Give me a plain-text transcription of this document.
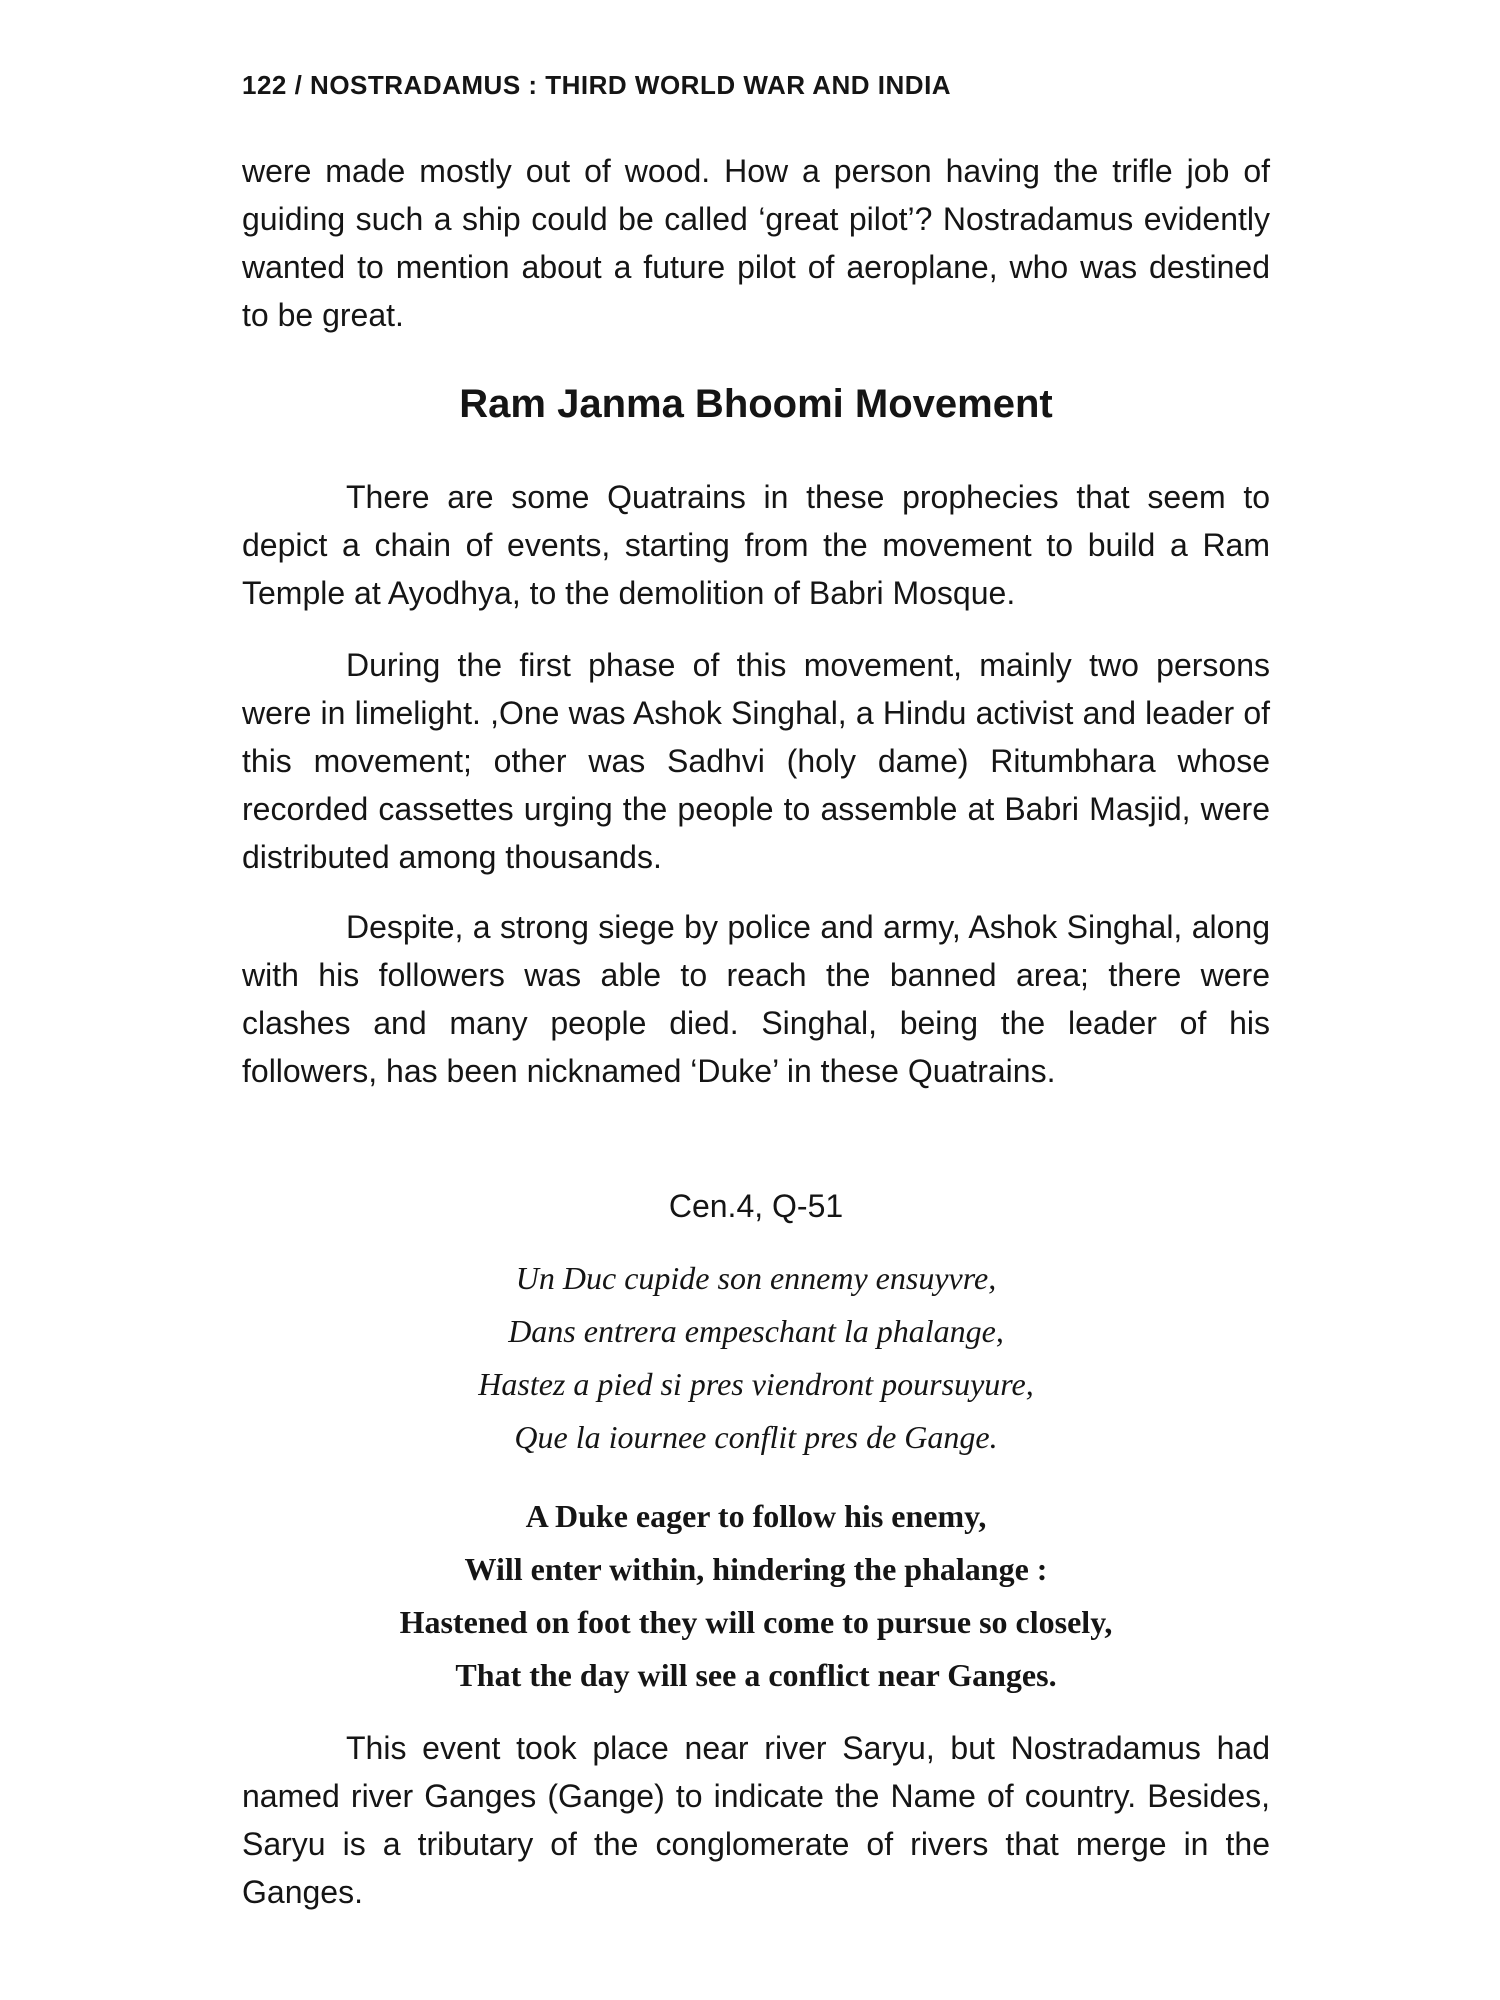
122 / NOSTRADAMUS : THIRD WORLD WAR AND INDIA

were made mostly out of wood. How a person having the trifle job of guiding such a ship could be called ‘great pilot’? Nostradamus evidently wanted to mention about a future pilot of aeroplane, who was destined to be great.

Ram Janma Bhoomi Movement

There are some Quatrains in these prophecies that seem to depict a chain of events, starting from the movement to build a Ram Temple at Ayodhya, to the demolition of Babri Mosque.

During the first phase of this movement, mainly two persons were in limelight. ,One was Ashok Singhal, a Hindu activist and leader of this movement; other was Sadhvi (holy dame) Ritumbhara whose recorded cassettes urging the people to assemble at Babri Masjid, were distributed among thousands.

Despite, a strong siege by police and army, Ashok Singhal, along with his followers was able to reach the banned area; there were clashes and many people died. Singhal, being the leader of his followers, has been nicknamed ‘Duke’ in these Quatrains.

Cen.4, Q-51

Un Duc cupide son ennemy ensuyvre,
Dans entrera empeschant la phalange,
Hastez a pied si pres viendront poursuyure,
Que la iournee conflit pres de Gange.
A Duke eager to follow his enemy,
Will enter within, hindering the phalange :
Hastened on foot they will come to pursue so closely,
That the day will see a conflict near Ganges.

This event took place near river Saryu, but Nostradamus had named river Ganges (Gange) to indicate the Name of country. Besides, Saryu is a tributary of the conglomerate of rivers that merge in the Ganges.
